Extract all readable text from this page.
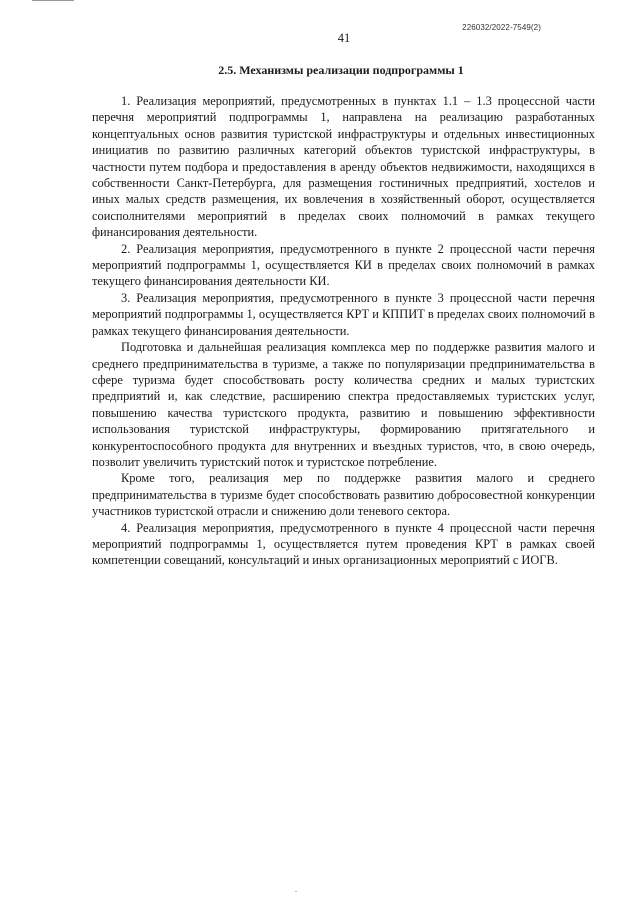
226032/2022-7549(2)
41
2.5. Механизмы реализации подпрограммы 1

1. Реализация мероприятий, предусмотренных в пунктах 1.1 – 1.3 процессной части перечня мероприятий подпрограммы 1, направлена на реализацию разработанных концептуальных основ развития туристской инфраструктуры и отдельных инвестиционных инициатив по развитию различных категорий объектов туристской инфраструктуры, в частности путем подбора и предоставления в аренду объектов недвижимости, находящихся в собственности Санкт-Петербурга, для размещения гостиничных предприятий, хостелов и иных малых средств размещения, их вовлечения в хозяйственный оборот, осуществляется соисполнителями мероприятий в пределах своих полномочий в рамках текущего финансирования деятельности.

2. Реализация мероприятия, предусмотренного в пункте 2 процессной части перечня мероприятий подпрограммы 1, осуществляется КИ в пределах своих полномочий в рамках текущего финансирования деятельности КИ.

3. Реализация мероприятия, предусмотренного в пункте 3 процессной части перечня мероприятий подпрограммы 1, осуществляется КРТ и КППИТ в пределах своих полномочий в рамках текущего финансирования деятельности.

Подготовка и дальнейшая реализация комплекса мер по поддержке развития малого и среднего предпринимательства в туризме, а также по популяризации предпринимательства в сфере туризма будет способствовать росту количества средних и малых туристских предприятий и, как следствие, расширению спектра предоставляемых туристских услуг, повышению качества туристского продукта, развитию и повышению эффективности использования туристской инфраструктуры, формированию притягательного и конкурентоспособного продукта для внутренних и въездных туристов, что, в свою очередь, позволит увеличить туристский поток и туристское потребление.

Кроме того, реализация мер по поддержке развития малого и среднего предпринимательства в туризме будет способствовать развитию добросовестной конкуренции участников туристской отрасли и снижению доли теневого сектора.

4. Реализация мероприятия, предусмотренного в пункте 4 процессной части перечня мероприятий подпрограммы 1, осуществляется путем проведения КРТ в рамках своей компетенции совещаний, консультаций и иных организационных мероприятий с ИОГВ.
